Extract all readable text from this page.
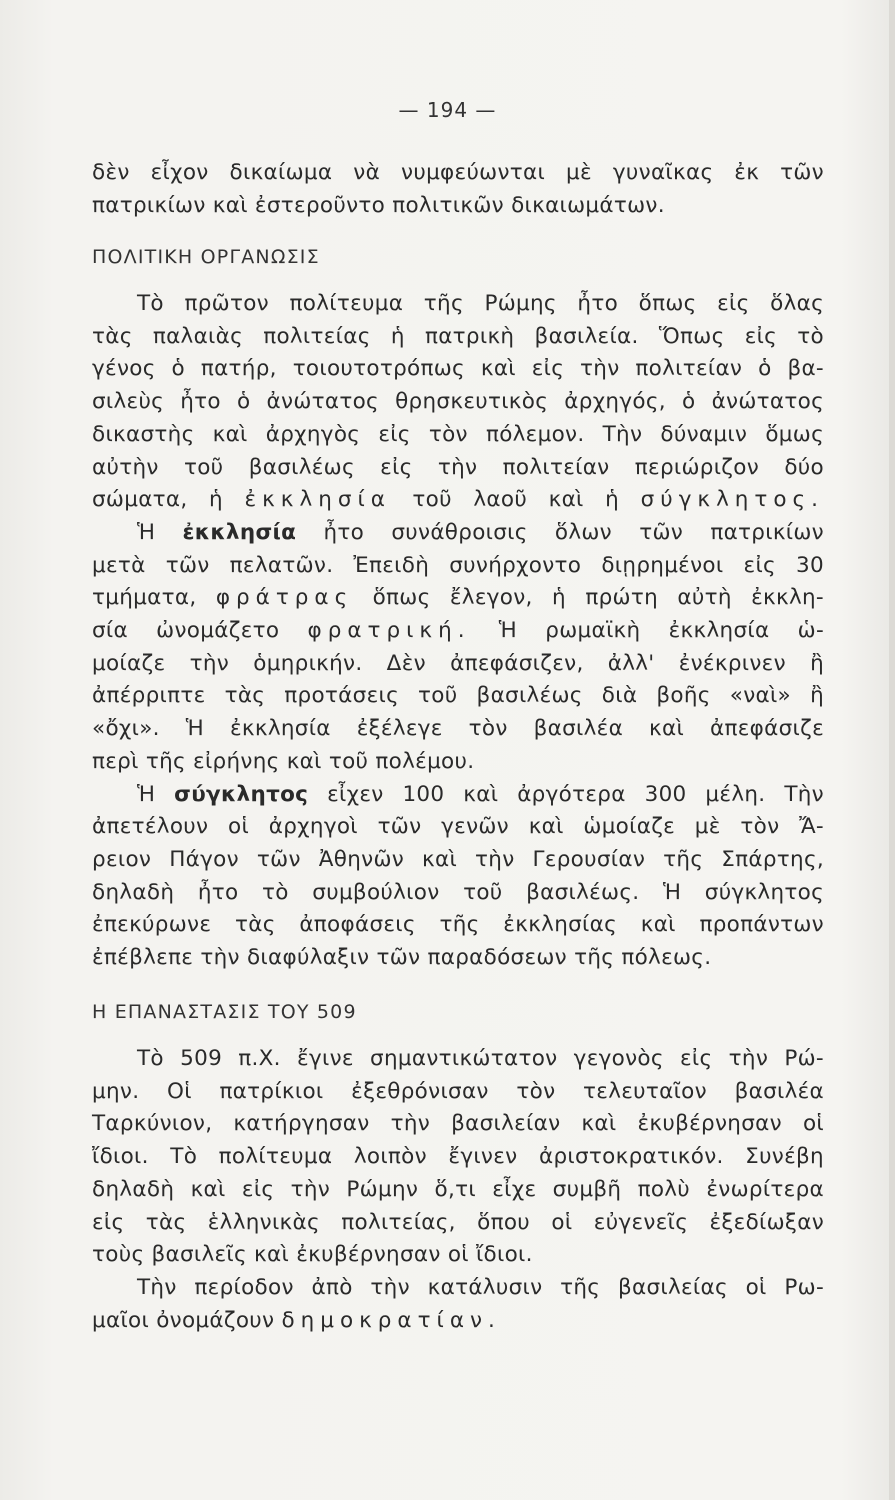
— 194 —
δὲν εἶχον δικαίωμα νὰ νυμφεύωνται μὲ γυναῖκας ἐκ τῶν
πατρικίων καὶ ἐστεροῦντο πολιτικῶν δικαιωμάτων.
ΠΟΛΙΤΙΚΗ ΟΡΓΑΝΩΣΙΣ
Τὸ πρῶτον πολίτευμα τῆς Ρώμης ἦτο ὅπως εἰς ὅλας
τὰς παλαιὰς πολιτείας ἡ πατρικὴ βασιλεία. Ὅπως εἰς τὸ
γένος ὁ πατήρ, τοιουτοτρόπως καὶ εἰς τὴν πολιτείαν ὁ βα-
σιλεὺς ἦτο ὁ ἀνώτατος θρησκευτικὸς ἀρχηγός, ὁ ἀνώτατος
δικαστὴς καὶ ἀρχηγὸς εἰς τὸν πόλεμον. Τὴν δύναμιν ὅμως
αὐτὴν τοῦ βασιλέως εἰς τὴν πολιτείαν περιώριζον δύο
σώματα, ἡ ἐκκλησία τοῦ λαοῦ καὶ ἡ σύγκλητος.
Ἡ ἐκκλησία ἦτο συνάθροισις ὅλων τῶν πατρικίων
μετὰ τῶν πελατῶν. Ἐπειδὴ συνήρχοντο διῃρημένοι εἰς 30
τμήματα, φράτρας ὅπως ἔλεγον, ἡ πρώτη αὐτὴ ἐκκλη-
σία ὠνομάζετο φρατρική. Ἡ ρωμαϊκὴ ἐκκλησία ὡ-
μοίαζε τὴν ὁμηρικήν. Δὲν ἀπεφάσιζεν, ἀλλ' ἐνέκρινεν ἢ
ἀπέρριπτε τὰς προτάσεις τοῦ βασιλέως διὰ βοῆς «ναὶ» ἢ
«ὄχι». Ἡ ἐκκλησία ἐξέλεγε τὸν βασιλέα καὶ ἀπεφάσιζε
περὶ τῆς εἰρήνης καὶ τοῦ πολέμου.
Ἡ σύγκλητος εἶχεν 100 καὶ ἀργότερα 300 μέλη. Τὴν
ἀπετέλουν οἱ ἀρχηγοὶ τῶν γενῶν καὶ ὡμοίαζε μὲ τὸν Ἄ-
ρειον Πάγον τῶν Ἀθηνῶν καὶ τὴν Γερουσίαν τῆς Σπάρτης,
δηλαδὴ ἦτο τὸ συμβούλιον τοῦ βασιλέως. Ἡ σύγκλητος
ἐπεκύρωνε τὰς ἀποφάσεις τῆς ἐκκλησίας καὶ προπάντων
ἐπέβλεπε τὴν διαφύλαξιν τῶν παραδόσεων τῆς πόλεως.
Η ΕΠΑΝΑΣΤΑΣΙΣ ΤΟΥ 509
Τὸ 509 π.Χ. ἔγινε σημαντικώτατον γεγονὸς εἰς τὴν Ρώ-
μην. Οἱ πατρίκιοι ἐξεθρόνισαν τὸν τελευταῖον βασιλέα
Ταρκύνιον, κατήργησαν τὴν βασιλείαν καὶ ἐκυβέρνησαν οἱ
ἴδιοι. Τὸ πολίτευμα λοιπὸν ἔγινεν ἀριστοκρατικόν. Συνέβη
δηλαδὴ καὶ εἰς τὴν Ρώμην ὅ,τι εἶχε συμβῆ πολὺ ἐνωρίτερα
εἰς τὰς ἑλληνικὰς πολιτείας, ὅπου οἱ εὐγενεῖς ἐξεδίωξαν
τοὺς βασιλεῖς καὶ ἐκυβέρνησαν οἱ ἴδιοι.
Τὴν περίοδον ἀπὸ τὴν κατάλυσιν τῆς βασιλείας οἱ Ρω-
μαῖοι ὀνομάζουν δημοκρατίαν.
